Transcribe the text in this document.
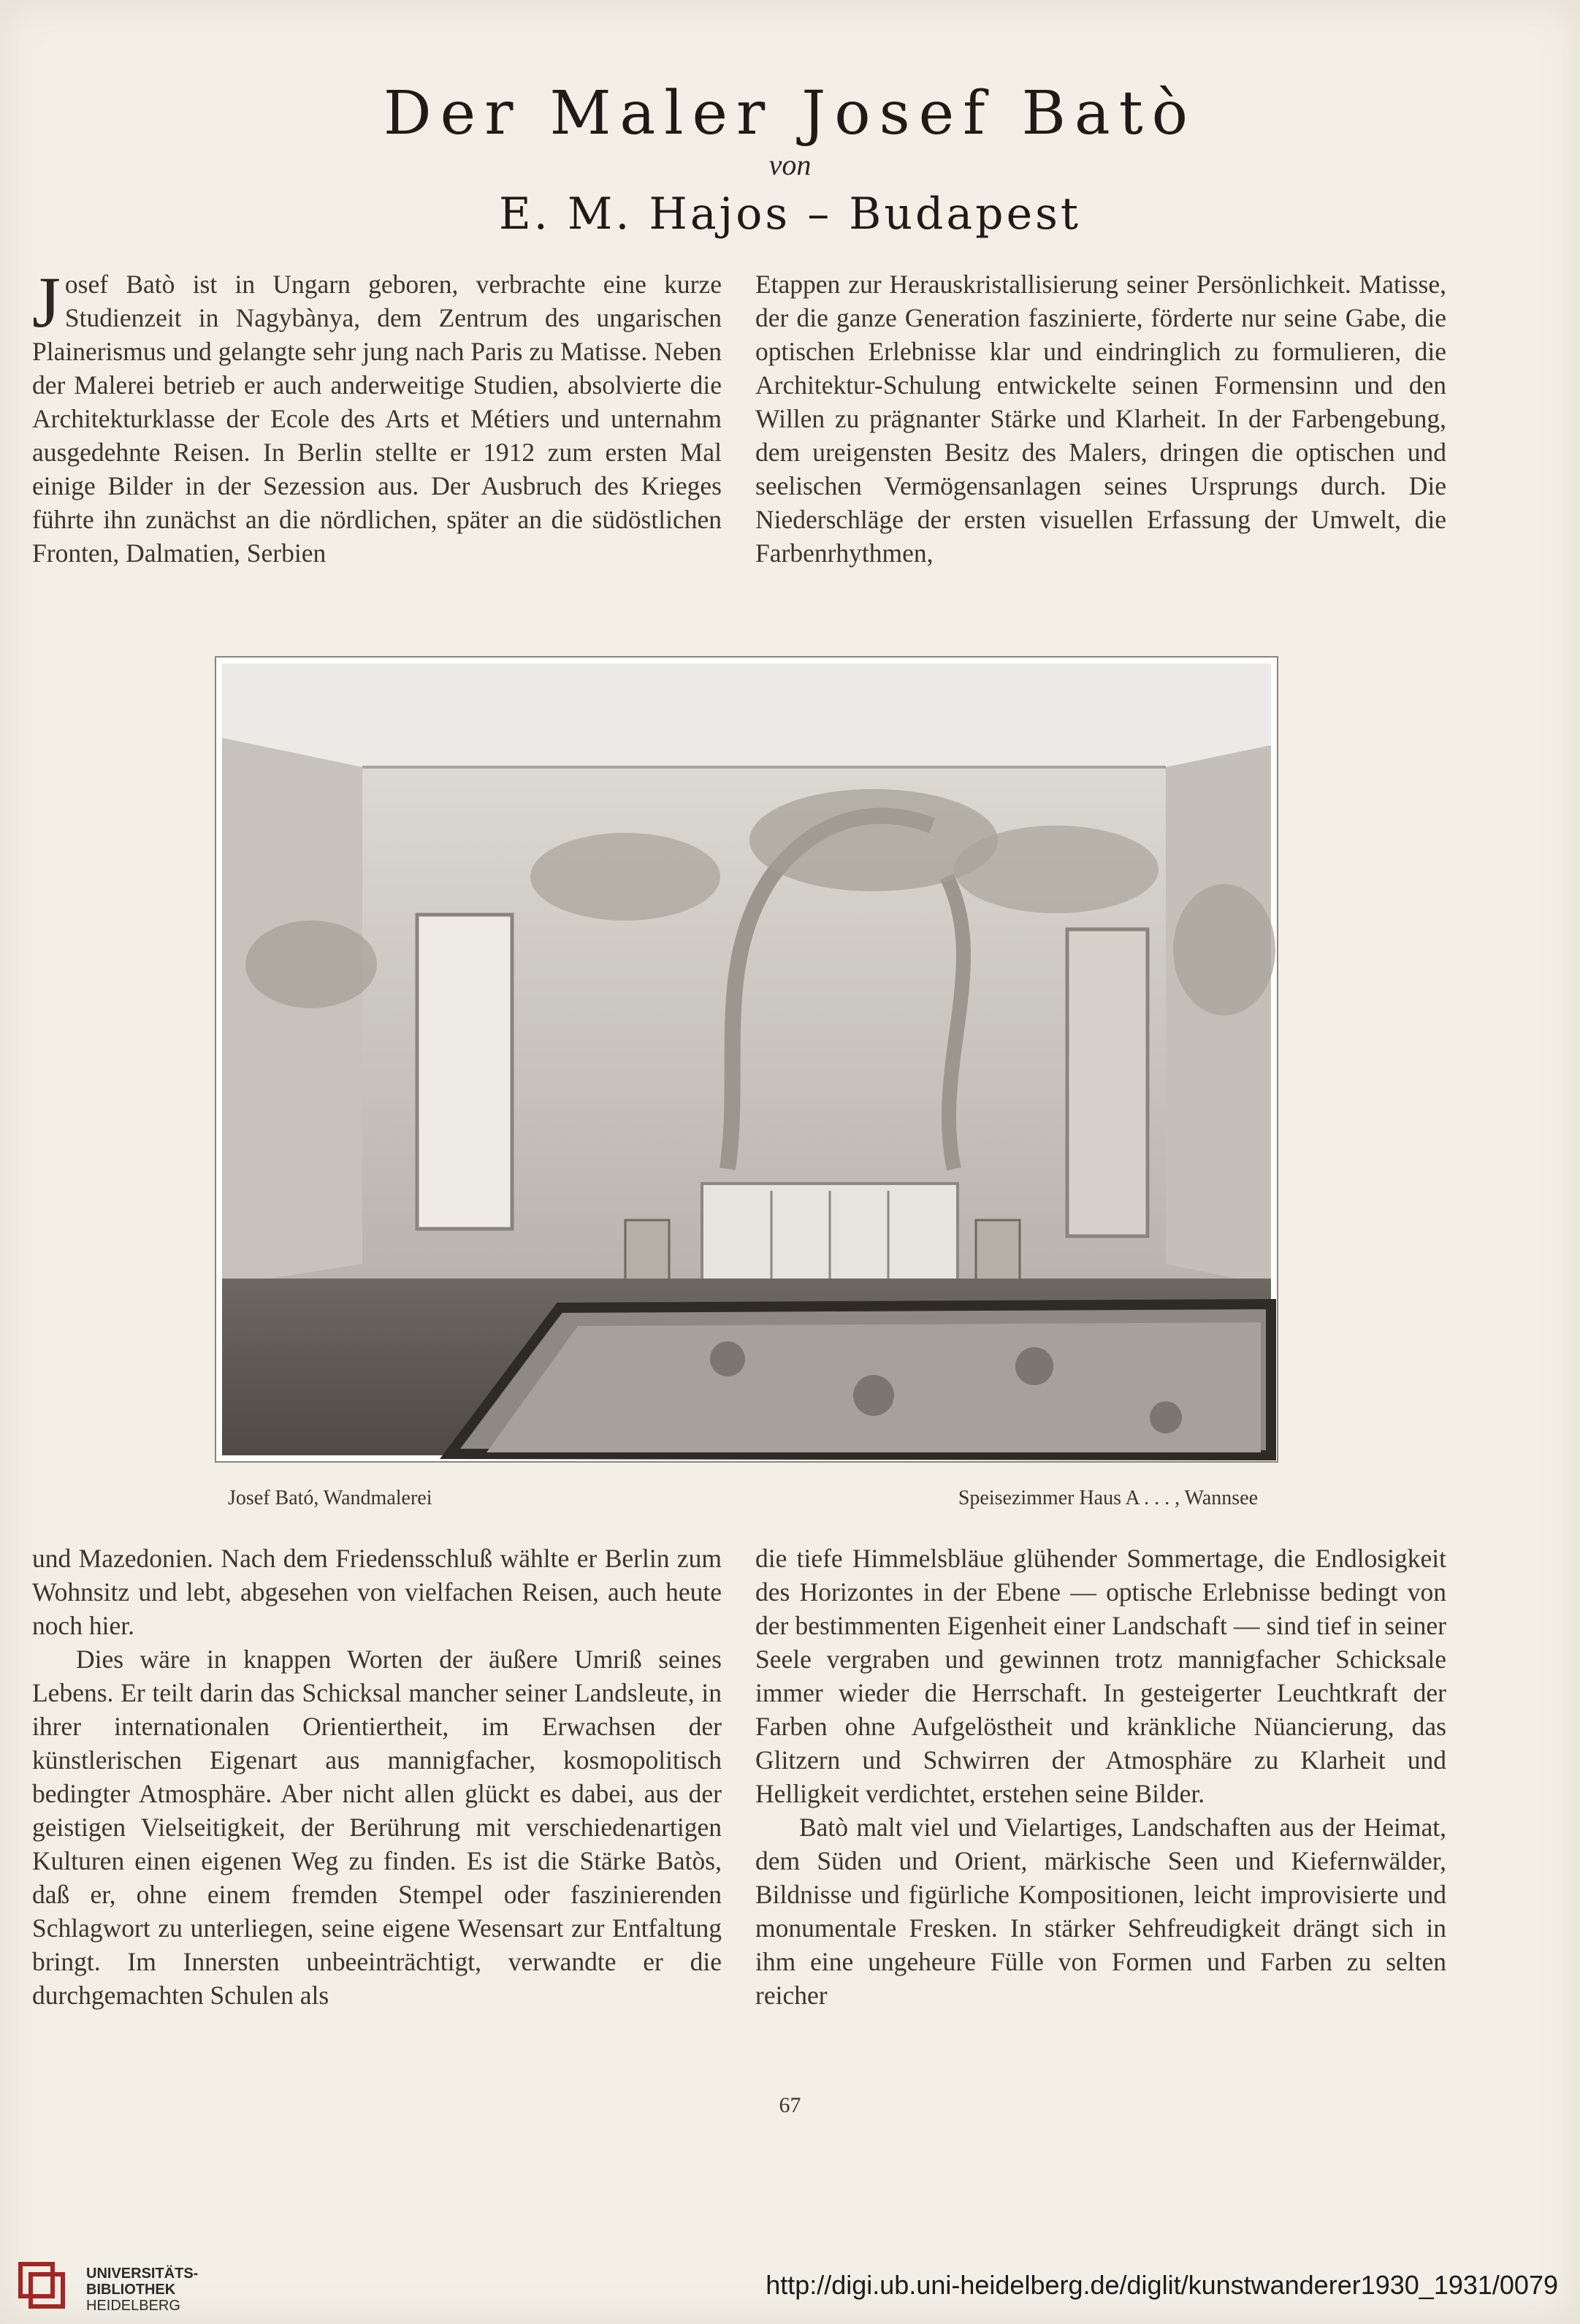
Der Maler Josef Batò
von
E. M. Hajos – Budapest

Josef Batò ist in Ungarn geboren, verbrachte eine kurze Studienzeit in Nagybànya, dem Zentrum des ungarischen Plainerismus und gelangte sehr jung nach Paris zu Matisse. Neben der Malerei betrieb er auch anderweitige Studien, absolvierte die Architekturklasse der Ecole des Arts et Métiers und unternahm ausgedehnte Reisen. In Berlin stellte er 1912 zum ersten Mal einige Bilder in der Sezession aus. Der Ausbruch des Krieges führte ihn zunächst an die nördlichen, später an die südöstlichen Fronten, Dalmatien, Serbien

Etappen zur Herauskristallisierung seiner Persönlichkeit. Matisse, der die ganze Generation faszinierte, förderte nur seine Gabe, die optischen Erlebnisse klar und eindringlich zu formulieren, die Architektur-Schulung entwickelte seinen Formensinn und den Willen zu prägnanter Stärke und Klarheit. In der Farbengebung, dem ureigensten Besitz des Malers, dringen die optischen und seelischen Vermögensanlagen seines Ursprungs durch. Die Niederschläge der ersten visuellen Erfassung der Umwelt, die Farbenrhythmen,

Josef Bató, Wandmalerei	Speisezimmer Haus A . . . , Wannsee

und Mazedonien. Nach dem Friedensschluß wählte er Berlin zum Wohnsitz und lebt, abgesehen von vielfachen Reisen, auch heute noch hier.

Dies wäre in knappen Worten der äußere Umriß seines Lebens. Er teilt darin das Schicksal mancher seiner Landsleute, in ihrer internationalen Orientiertheit, im Erwachsen der künstlerischen Eigenart aus mannigfacher, kosmopolitisch bedingter Atmosphäre. Aber nicht allen glückt es dabei, aus der geistigen Vielseitigkeit, der Berührung mit verschiedenartigen Kulturen einen eigenen Weg zu finden. Es ist die Stärke Batòs, daß er, ohne einem fremden Stempel oder faszinierenden Schlagwort zu unterliegen, seine eigene Wesensart zur Entfaltung bringt. Im Innersten unbeeinträchtigt, verwandte er die durchgemachten Schulen als

die tiefe Himmelsbläue glühender Sommertage, die Endlosigkeit des Horizontes in der Ebene — optische Erlebnisse bedingt von der bestimmenten Eigenheit einer Landschaft — sind tief in seiner Seele vergraben und gewinnen trotz mannigfacher Schicksale immer wieder die Herrschaft. In gesteigerter Leuchtkraft der Farben ohne Aufgelöstheit und kränkliche Nüancierung, das Glitzern und Schwirren der Atmosphäre zu Klarheit und Helligkeit verdichtet, erstehen seine Bilder.

Batò malt viel und Vielartiges, Landschaften aus der Heimat, dem Süden und Orient, märkische Seen und Kiefernwälder, Bildnisse und figürliche Kompositionen, leicht improvisierte und monumentale Fresken. In stärker Sehfreudigkeit drängt sich in ihm eine ungeheure Fülle von Formen und Farben zu selten reicher

67
UNIVERSITÄTS-
BIBLIOTHEK
HEIDELBERG
http://digi.ub.uni-heidelberg.de/diglit/kunstwanderer1930_1931/0079
